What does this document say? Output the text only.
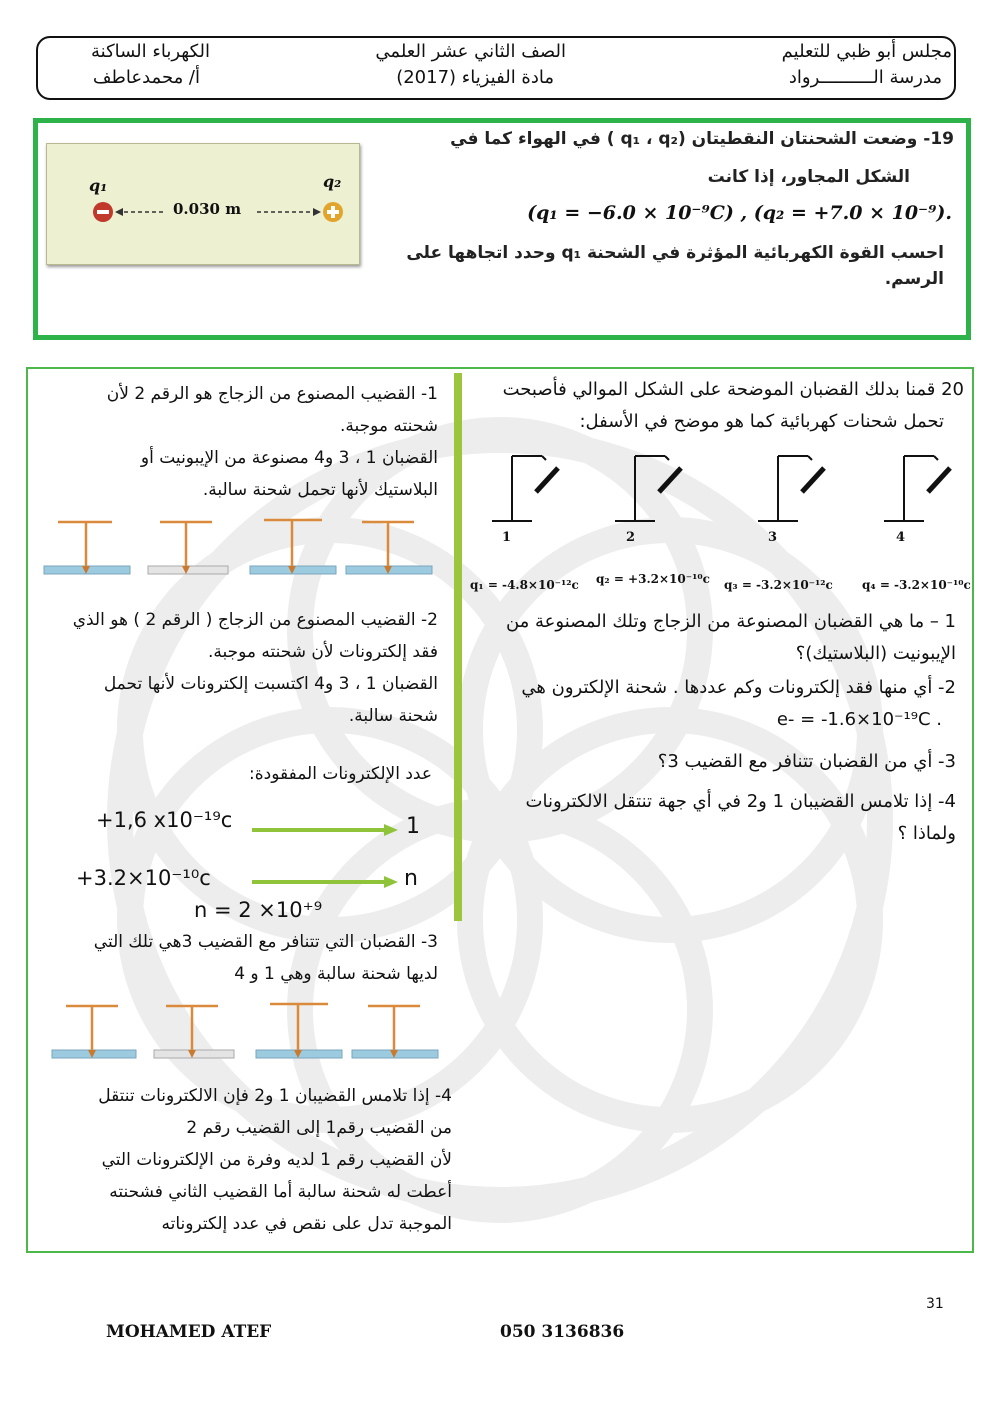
الكهرباء الساكنة
أ/ محمدعاطف
الصف الثاني عشر العلمي
مادة الفيزياء (2017)
مجلس أبو ظبي للتعليم
مدرسة الــــــــــرواد
q₁	q₂
0.030 m
19- وضعت الشحنتان النقطيتان (q₁ ، q₂ ) في الهواء كما في
الشكل المجاور، إذا كانت
.(q₂ = +7.0 × 10⁻⁹) , (q₁ = −6.0 × 10⁻⁹C)
احسب القوة الكهربائية المؤثرة في الشحنة q₁ وحدد اتجاهها على الرسم.
20 قمنا بدلك القضبان الموضحة على الشكل الموالي فأصبحت
تحمل شحنات كهربائية كما هو موضح في الأسفل:
1	2	3	4
q₁ = -4.8×10⁻¹²c q₂ = +3.2×10⁻¹⁰c q₃ = -3.2×10⁻¹²c q₄ = -3.2×10⁻¹⁰c
1 – ما هي القضبان المصنوعة من الزجاج وتلك المصنوعة من
الإيبونيت (البلاستيك)؟
2- أي منها فقد إلكترونات وكم عددها . شحنة الإلكترون هي
. e- = -1.6×10⁻¹⁹C
3- أي من القضبان تتنافر مع القضيب 3؟
4- إذا تلامس القضيبان 1 و2 في أي جهة تنتقل الالكترونات
ولماذا ؟
1- القضيب المصنوع من الزجاج هو الرقم 2 لأن
شحنته موجبة.
القضبان 1 ، 3 و4 مصنوعة من الإيبونيت أو
البلاستيك لأنها تحمل شحنة سالبة.
2- القضيب المصنوع من الزجاج ( الرقم 2 ) هو الذي
فقد إلكترونات لأن شحنته موجبة.
القضبان 1 ، 3 و4 اكتسبت إلكترونات لأنها تحمل
شحنة سالبة.
عدد الإلكترونات المفقودة:
+1,6 x10⁻¹⁹c	1
+3.2×10⁻¹⁰c	n
n = 2 ×10⁺⁹
3- القضبان التي تتنافر مع القضيب 3هي تلك التي
لديها شحنة سالبة وهي 1 و 4
4- إذا تلامس القضيبان 1 و2 فإن الالكترونات تنتقل
من القضيب رقم1 إلى القضيب رقم 2
لأن القضيب رقم 1 لديه وفرة من الإلكترونات التي
أعطت له شحنة سالبة أما القضيب الثاني فشحنته
الموجبة تدل على نقص في عدد إلكتروناته
31
MOHAMED ATEF	050 3136836
